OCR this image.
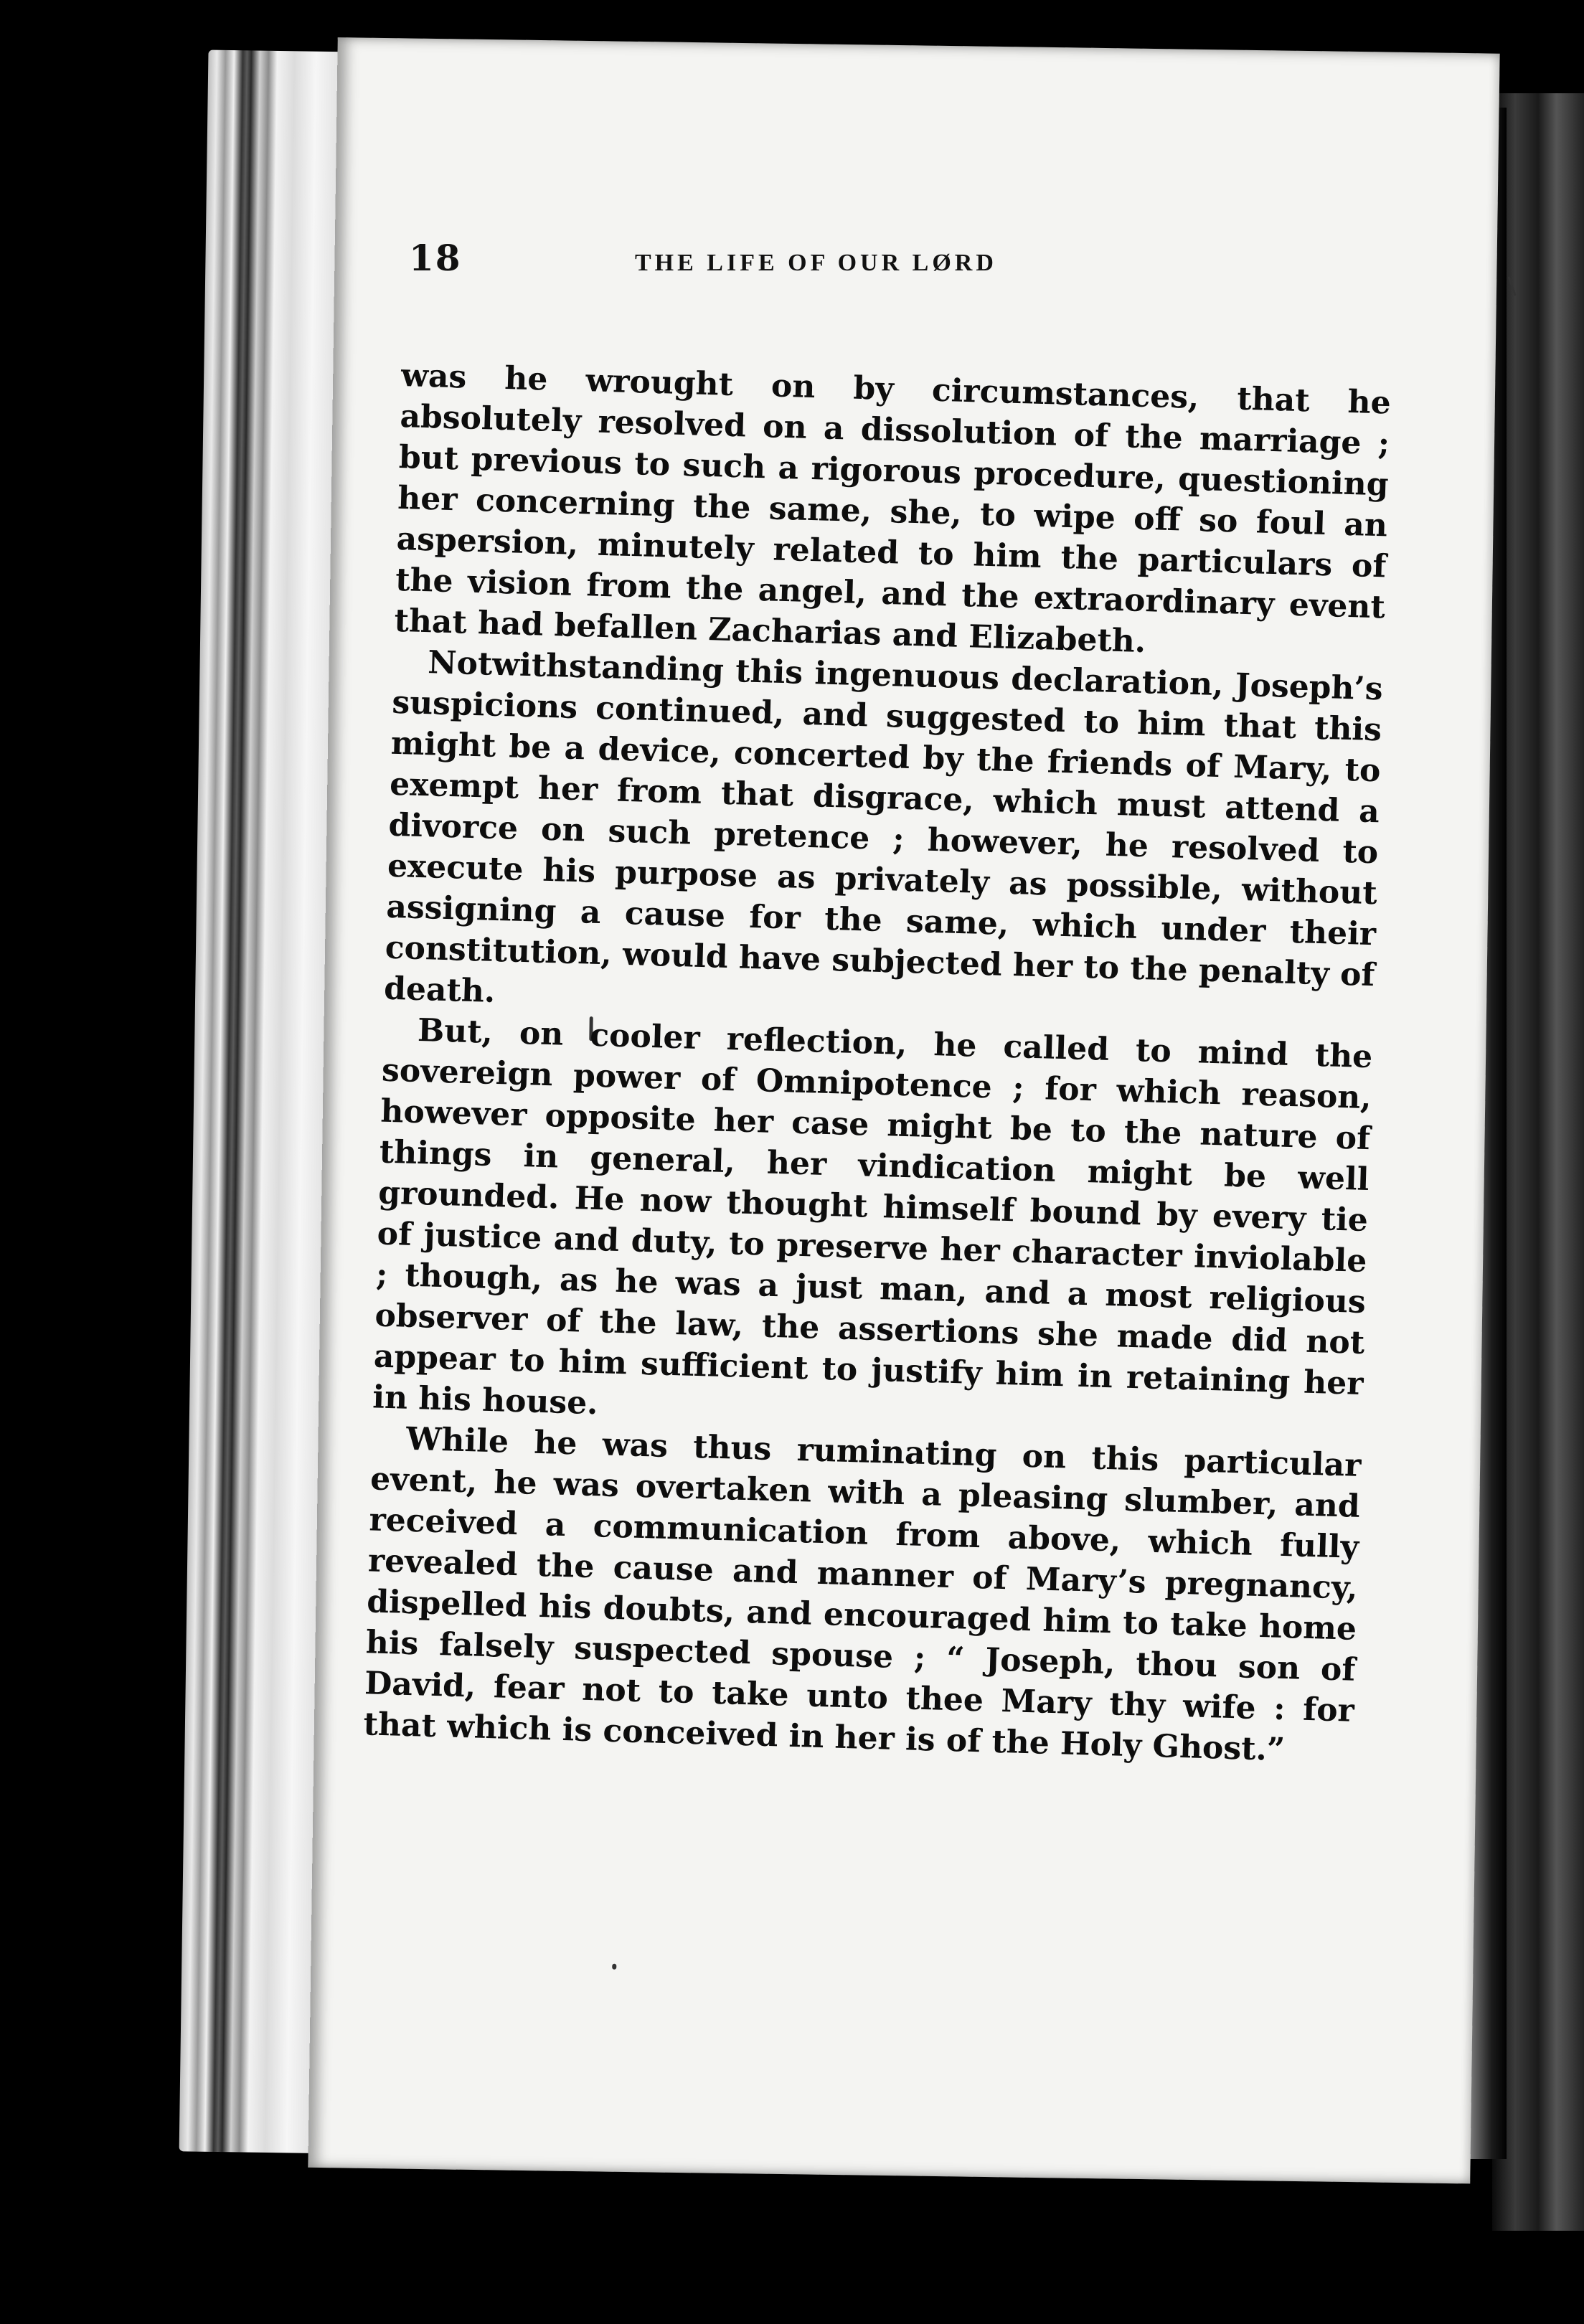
18	THE LIFE OF OUR LØRD

was he wrought on by circumstances, that he absolutely resolved on a dissolution of the marriage ; but previous to such a rigorous procedure, questioning her concerning the same, she, to wipe off so foul an aspersion, minutely related to him the particulars of the vision from the angel, and the extraordinary event that had befallen Zacharias and Elizabeth.

Notwithstanding this ingenuous declaration, Joseph’s suspicions continued, and suggested to him that this might be a device, concerted by the friends of Mary, to exempt her from that disgrace, which must attend a divorce on such pretence ; however, he resolved to execute his purpose as privately as possible, without assigning a cause for the same, which under their constitution, would have subjected her to the penalty of death.

But, on cooler reflection, he called to mind the sovereign power of Omnipotence ; for which reason, however opposite her case might be to the nature of things in general, her vindication might be well grounded. He now thought himself bound by every tie of justice and duty, to preserve her character inviolable ; though, as he was a just man, and a most religious observer of the law, the assertions she made did not appear to him sufficient to justify him in retaining her in his house.

While he was thus ruminating on this particular event, he was overtaken with a pleasing slumber, and received a communication from above, which fully revealed the cause and manner of Mary’s pregnancy, dispelled his doubts, and encouraged him to take home his falsely suspected spouse ; “ Joseph, thou son of David, fear not to take unto thee Mary thy wife : for that which is conceived in her is of the Holy Ghost.”
